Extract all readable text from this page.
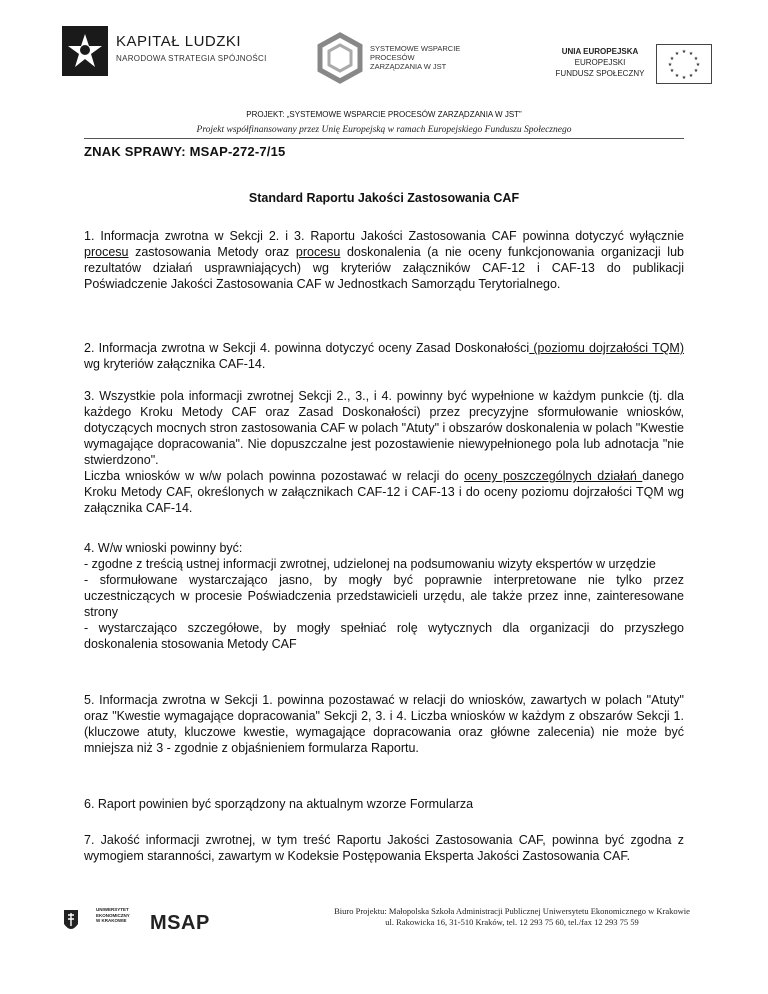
KAPITAŁ LUDZKI
NARODOWA STRATEGIA SPÓJNOŚCI
SYSTEMOWE WSPARCIE
PROCESÓW
ZARZĄDZANIA W JST
UNIA EUROPEJSKA
EUROPEJSKI
FUNDUSZ SPOŁECZNY
★ ★
★
★
★
★
★
★
★
★
★
★
PROJEKT: „SYSTEMOWE WSPARCIE PROCESÓW ZARZĄDZANIA W JST”
Projekt współfinansowany przez Unię Europejską w ramach Europejskiego Funduszu Społecznego
ZNAK SPRAWY: MSAP-272-7/15
Standard Raportu Jakości Zastosowania CAF
1. Informacja zwrotna w Sekcji 2. i 3. Raportu Jakości Zastosowania CAF powinna dotyczyć wyłącznie procesu zastosowania Metody oraz procesu doskonalenia (a nie oceny funkcjonowania organizacji lub rezultatów działań usprawniających) wg kryteriów załączników CAF-12 i CAF-13 do publikacji Poświadczenie Jakości Zastosowania CAF w Jednostkach Samorządu Terytorialnego.
2. Informacja zwrotna w Sekcji 4. powinna dotyczyć oceny Zasad Doskonałości (poziomu dojrzałości TQM) wg kryteriów załącznika CAF-14.
3. Wszystkie pola informacji zwrotnej Sekcji 2., 3., i 4. powinny być wypełnione w każdym punkcie (tj. dla każdego Kroku Metody CAF oraz Zasad Doskonałości) przez precyzyjne sformułowanie wniosków, dotyczących mocnych stron zastosowania CAF w polach "Atuty" i obszarów doskonalenia w polach "Kwestie wymagające dopracowania". Nie dopuszczalne jest pozostawienie niewypełnionego pola lub adnotacja "nie stwierdzono".
Liczba wniosków w w/w polach powinna pozostawać w relacji do oceny poszczególnych działań danego Kroku Metody CAF, określonych w załącznikach CAF-12 i CAF-13 i do oceny poziomu dojrzałości TQM wg załącznika CAF-14.
4. W/w wnioski powinny być:
- zgodne z treścią ustnej informacji zwrotnej, udzielonej na podsumowaniu wizyty ekspertów w urzędzie
- sformułowane wystarczająco jasno, by mogły być poprawnie interpretowane nie tylko przez uczestniczących w procesie Poświadczenia przedstawicieli urzędu, ale także przez inne, zainteresowane strony
- wystarczająco szczegółowe, by mogły spełniać rolę wytycznych dla organizacji do przyszłego doskonalenia stosowania Metody CAF
5. Informacja zwrotna w Sekcji 1. powinna pozostawać w relacji do wniosków, zawartych w polach "Atuty" oraz "Kwestie wymagające dopracowania" Sekcji 2, 3. i 4. Liczba wniosków w każdym z obszarów Sekcji 1. (kluczowe atuty, kluczowe kwestie, wymagające dopracowania oraz główne zalecenia) nie może być mniejsza niż 3 - zgodnie z objaśnieniem formularza Raportu.
6. Raport powinien być sporządzony na aktualnym wzorze Formularza
7. Jakość informacji zwrotnej, w tym treść Raportu Jakości Zastosowania CAF, powinna być zgodna z wymogiem staranności, zawartym w Kodeksie Postępowania Eksperta Jakości Zastosowania CAF.
UNIWERSYTET
EKONOMICZNY
W KRAKOWIE MSAP
Biuro Projektu: Małopolska Szkoła Administracji Publicznej Uniwersytetu Ekonomicznego w Krakowie
ul. Rakowicka 16, 31-510 Kraków, tel. 12 293 75 60, tel./fax 12 293 75 59
